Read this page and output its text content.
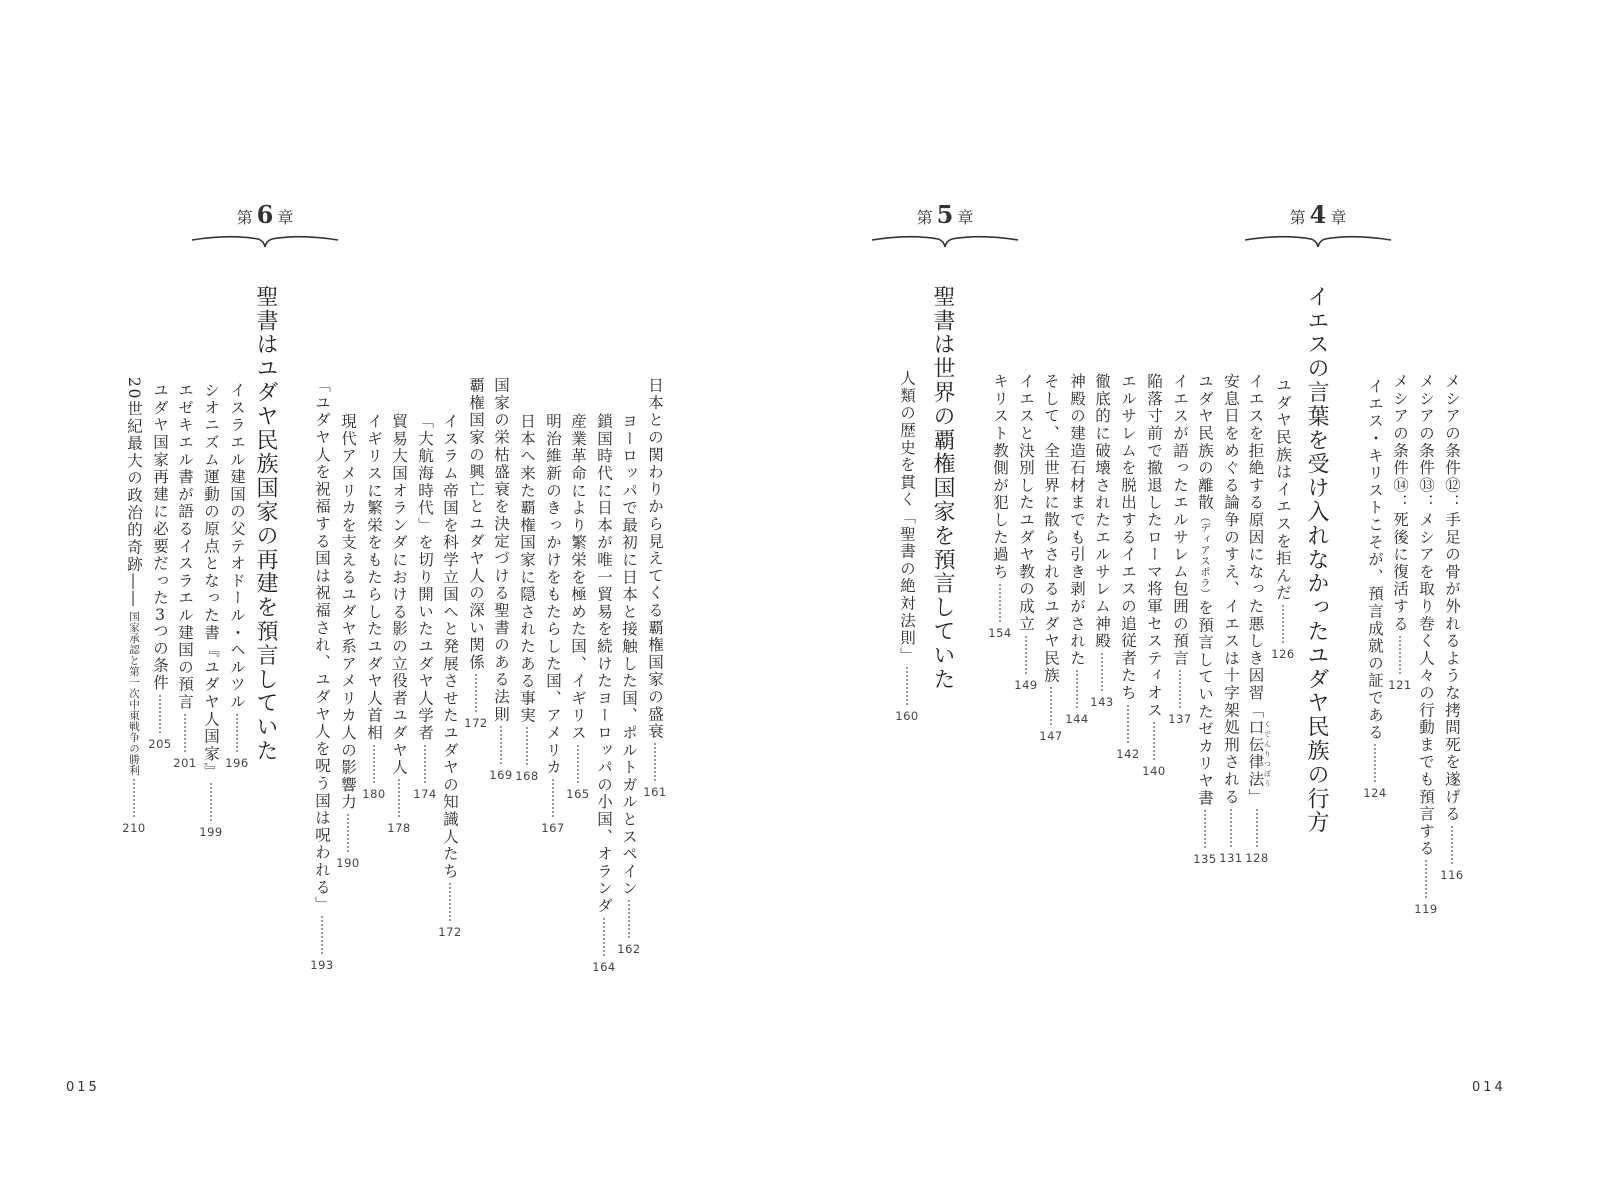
第 4 章
イエスの言葉を受け入れなかったユダヤ民族の行方	メシアの条件⑫：手足の骨が外れるような拷問死を遂げる
116
メシアの条件⑬：メシアを取り巻く人々の行動までも預言する
119
メシアの条件⑭：死後に復活する
121
イエス・キリストこそが、預言成就の証である
124
ユダヤ民族はイエスを拒んだ
126
イエスを拒絶する原因になった悪しき因習「口伝律法 くでんりつぽう」
128
安息日をめぐる論争のすえ、イエスは十字架処刑される
131
ユダヤ民族の離散（ディアスポラ）を預言していたゼカリヤ書
135
イエスが語ったエルサレム包囲の預言
137
陥落寸前で撤退したローマ将軍セスティオス
140
エルサレムを脱出するイエスの追従者たち
142
徹底的に破壊されたエルサレム神殿
143
神殿の建造石材までも引き剥がされた
144
そして、全世界に散らされるユダヤ民族
147
イエスと決別したユダヤ教の成立
149
キリスト教側が犯した過ち
154
第 5 章
聖書は世界の覇権国家を預言していた
人類の歴史を貫く「聖書の絶対法則」
160
第 6 章
聖書はユダヤ民族国家の再建を預言していた	日本との関わりから見えてくる覇権国家の盛衰
161
ヨーロッパで最初に日本と接触した国、ポルトガルとスペイン
162
鎖国時代に日本が唯一貿易を続けたヨーロッパの小国、オランダ
164
産業革命により繁栄を極めた国、イギリス
165
明治維新のきっかけをもたらした国、アメリカ
167
日本へ来た覇権国家に隠されたある事実
168
国家の栄枯盛衰を決定づける聖書のある法則
169
覇権国家の興亡とユダヤ人の深い関係
172
イスラム帝国を科学立国へと発展させたユダヤの知識人たち
172
「大航海時代」を切り開いたユダヤ人学者
174
貿易大国オランダにおける影の立役者ユダヤ人
178
イギリスに繁栄をもたらしたユダヤ人首相
180
現代アメリカを支えるユダヤ系アメリカ人の影響力
190
「ユダヤ人を祝福する国は祝福され、ユダヤ人を呪う国は呪われる」
193
イスラエル建国の父テオドール・ヘルツル
196
シオニズム運動の原点となった書『ユダヤ人国家』
199
エゼキエル書が語るイスラエル建国の預言
201
ユダヤ国家再建に必要だった3つの条件
205
20世紀最大の政治的奇跡――国家承認と第一次中東戦争の勝利
210
015	014
